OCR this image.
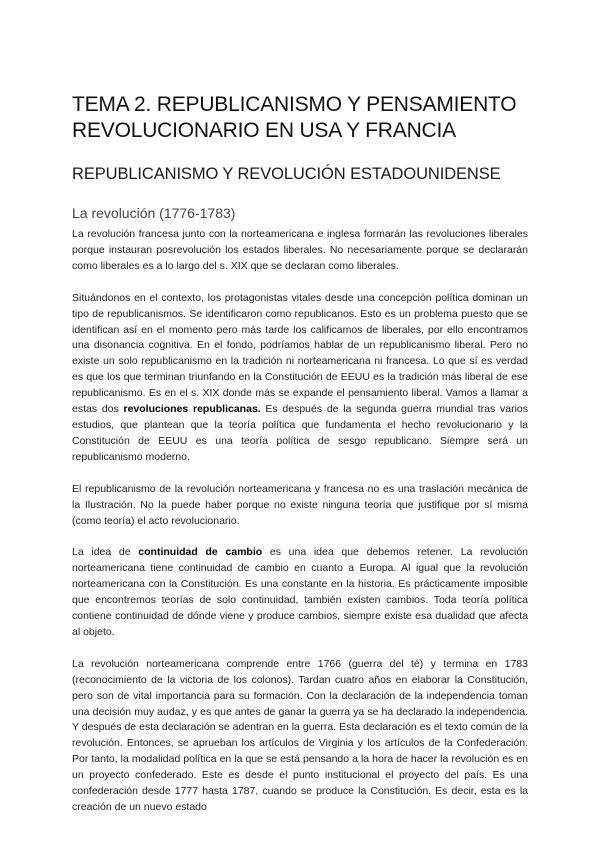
TEMA 2. REPUBLICANISMO Y PENSAMIENTO
REVOLUCIONARIO EN USA Y FRANCIA
REPUBLICANISMO Y REVOLUCIÓN ESTADOUNIDENSE
La revolución (1776-1783)

La revolución francesa junto con la norteamericana e inglesa formarán las revoluciones liberales porque instauran posrevolución los estados liberales. No necesariamente porque se declararán como liberales es a lo largo del s. XIX que se declaran como liberales.

Situándonos en el contexto, los protagonistas vitales desde una concepción política dominan un tipo de republicanismos. Se identificaron como republicanos. Esto es un problema puesto que se identifican así en el momento pero más tarde los calificamos de liberales, por ello encontramos una disonancia cognitiva. En el fondo, podríamos hablar de un republicanismo liberal. Pero no existe un solo republicanismo en la tradición ni norteamericana ni francesa. Lo que sí es verdad es que los que terminan triunfando en la Constitución de EEUU es la tradición más liberal de ese republicanismo. Es en el s. XIX donde más se expande el pensamiento liberal. Vamos a llamar a estas dos revoluciones republicanas. Es después de la segunda guerra mundial tras varios estudios, que plantean que la teoría política que fundamenta el hecho revolucionario y la Constitución de EEUU es una teoría política de sesgo republicano. Siempre será un republicanismo moderno.

El republicanismo de la revolución norteamericana y francesa no es una traslación mecánica de la Ilustración. No la puede haber porque no existe ninguna teoría que justifique por sí misma (como teoría) el acto revolucionario.

La idea de continuidad de cambio es una idea que debemos retener. La revolución norteamericana tiene continuidad de cambio en cuanto a Europa. Al igual que la revolución norteamericana con la Constitución. Es una constante en la historia. Es prácticamente imposible que encontremos teorías de solo continuidad, también existen cambios. Toda teoría política contiene continuidad de dónde viene y produce cambios, siempre existe esa dualidad que afecta al objeto.

La revolución norteamericana comprende entre 1766 (guerra del té) y termina en 1783 (reconocimiento de la victoria de los colonos). Tardan cuatro años en elaborar la Constitución, pero son de vital importancia para su formación. Con la declaración de la independencia toman una decisión muy audaz, y es que antes de ganar la guerra ya se ha declarado la independencia. Y después de esta declaración se adentran en la guerra. Esta declaración es el texto común de la revolución. Entonces, se aprueban los artículos de Virginia y los artículos de la Confederación. Por tanto, la modalidad política en la que se está pensando a la hora de hacer la revolución es en un proyecto confederado. Este es desde el punto institucional el proyecto del país. Es una confederación desde 1777 hasta 1787, cuando se produce la Constitución. Es decir, esta es la creación de un nuevo estado
